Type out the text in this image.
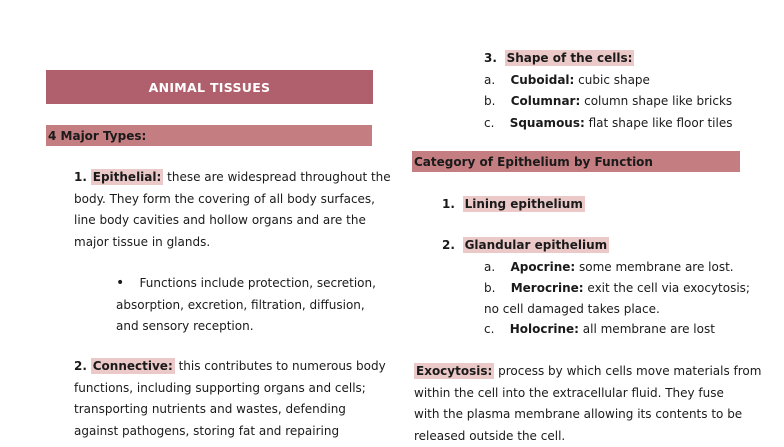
ANIMAL TISSUES
4 Major Types:
1. Epithelial: these are widespread throughout the
body. They form the covering of all body surfaces,
line body cavities and hollow organs and are the
major tissue in glands.
• Functions include protection, secretion,
absorption, excretion, filtration, diffusion,
and sensory reception.
2. Connective: this contributes to numerous body
functions, including supporting organs and cells;
transporting nutrients and wastes, defending
against pathogens, storing fat and repairing
3. Shape of the cells:
a. Cuboidal: cubic shape
b. Columnar: column shape like bricks
c. Squamous: flat shape like floor tiles
Category of Epithelium by Function
1. Lining epithelium
2. Glandular epithelium
a. Apocrine: some membrane are lost.
b. Merocrine: exit the cell via exocytosis;
no cell damaged takes place.
c. Holocrine: all membrane are lost
Exocytosis: process by which cells move materials from
within the cell into the extracellular fluid. They fuse
with the plasma membrane allowing its contents to be
released outside the cell.
